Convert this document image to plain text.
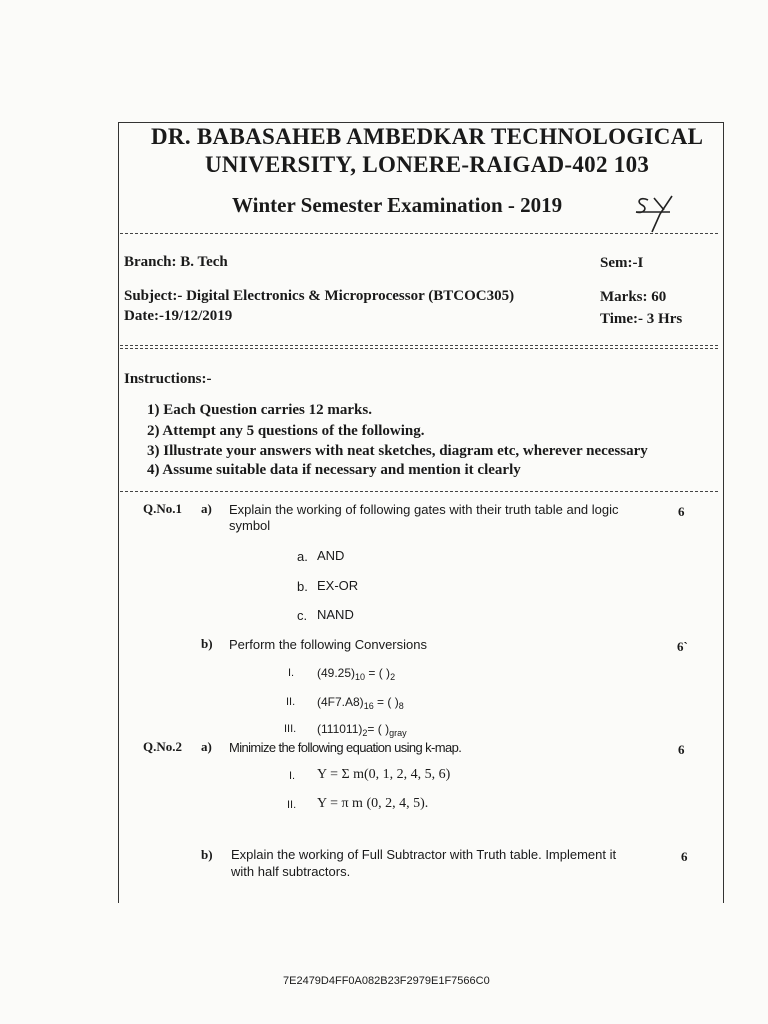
DR. BABASAHEB AMBEDKAR TECHNOLOGICAL
UNIVERSITY, LONERE-RAIGAD-402 103
Winter Semester Examination - 2019
Branch: B. Tech	Sem:-I
Subject:- Digital Electronics & Microprocessor (BTCOC305)	Marks: 60
Date:-19/12/2019	Time:- 3 Hrs
Instructions:-
1) Each Question carries 12 marks.
2) Attempt any 5 questions of the following.
3) Illustrate your answers with neat sketches, diagram etc, wherever necessary
4) Assume suitable data if necessary and mention it clearly
Q.No.1 a) Explain the working of following gates with their truth table and logic
symbol
6
a. AND
b. EX-OR
c. NAND
b) Perform the following Conversions	6`
I. $(49.25)_{10}$ = ( )$_2$
II. $(4F7.A8)_{16}$ = ( )$_8$
III. $(111011)_2=$ ( )$_{gray}$
Q.No.2 a) Minimize the following equation using k-map.	6
I. Y = Σ m(0, 1, 2, 4, 5, 6)
II. Y = π m (0, 2, 4, 5).
b) Explain the working of Full Subtractor with Truth table. Implement it
with half subtractors.
6
7E2479D4FF0A082B23F2979E1F7566C0
